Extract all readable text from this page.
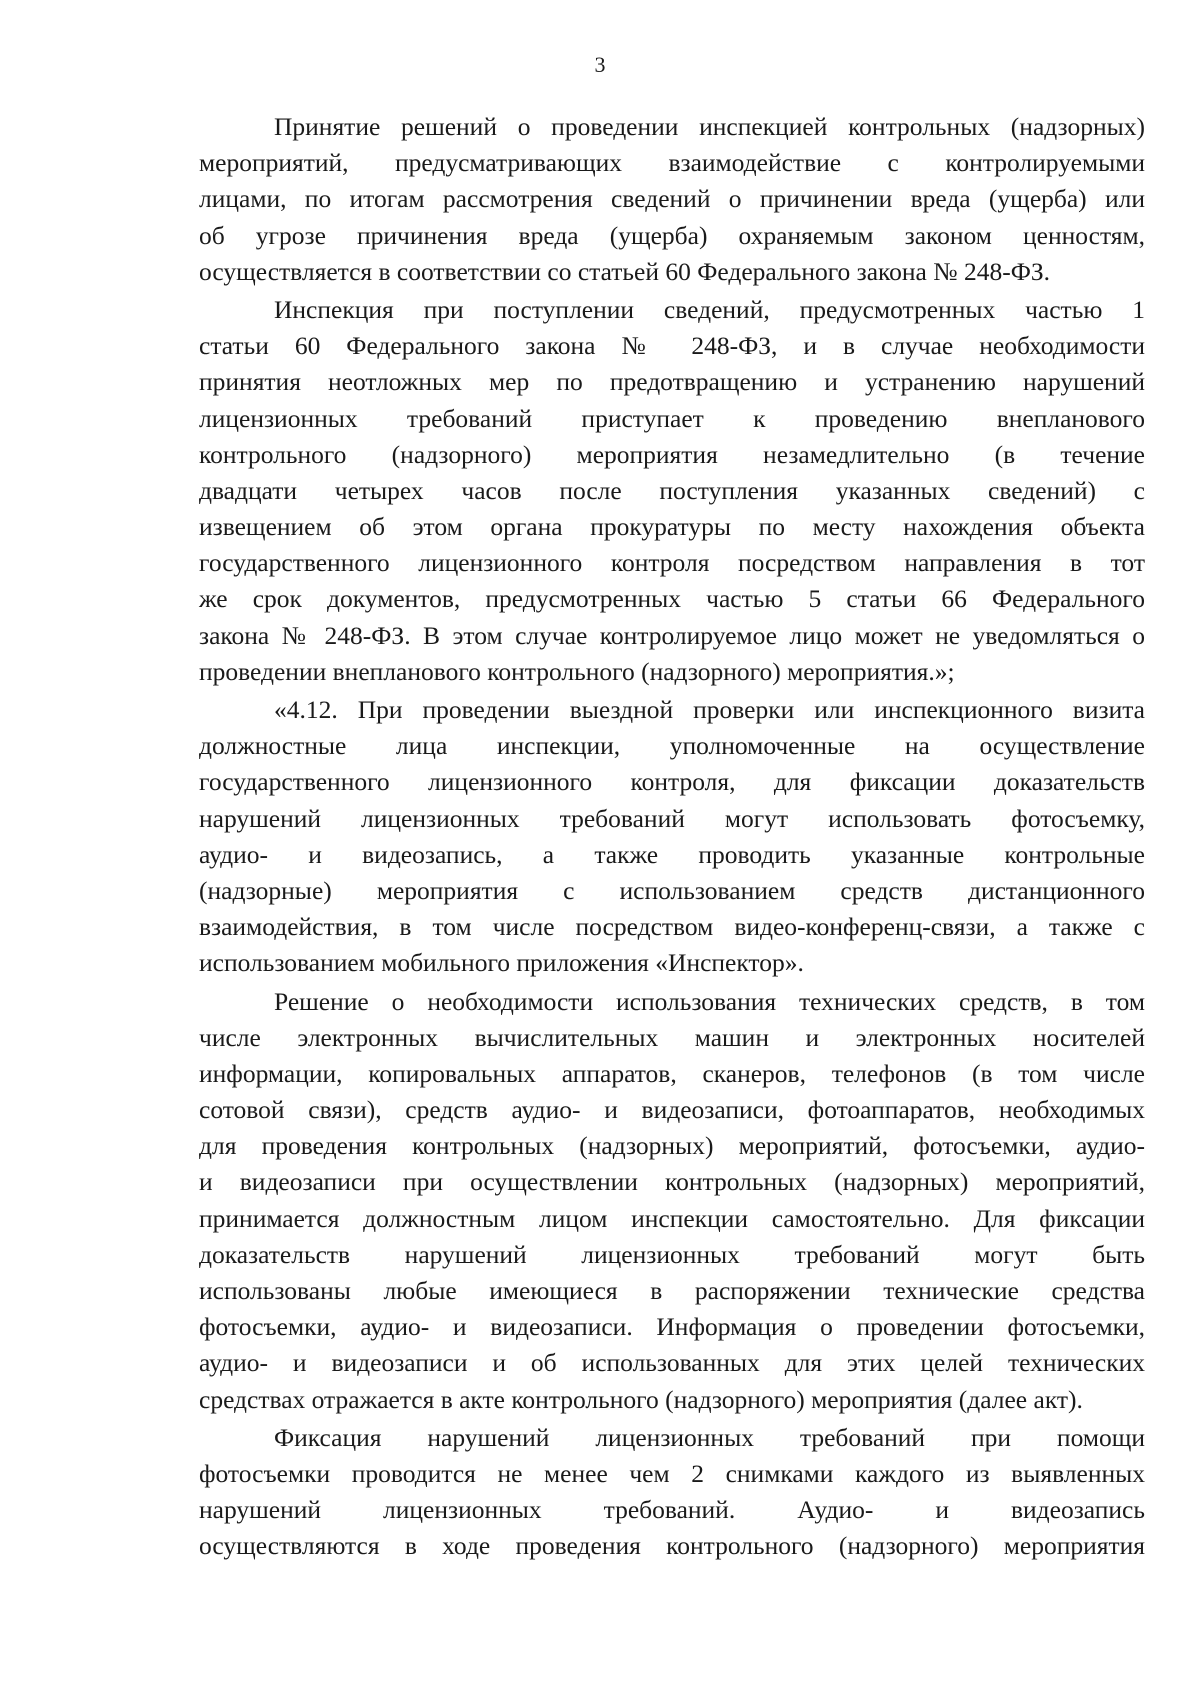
3
Принятие решений о проведении инспекцией контрольных (надзорных)
мероприятий, предусматривающих взаимодействие с контролируемыми
лицами, по итогам рассмотрения сведений о причинении вреда (ущерба) или
об угрозе причинения вреда (ущерба) охраняемым законом ценностям,
осуществляется в соответствии со статьей 60 Федерального закона № 248-ФЗ.
Инспекция при поступлении сведений, предусмотренных частью 1
статьи 60 Федерального закона № 248-ФЗ, и в случае необходимости
принятия неотложных мер по предотвращению и устранению нарушений
лицензионных требований приступает к проведению внепланового
контрольного (надзорного) мероприятия незамедлительно (в течение
двадцати четырех часов после поступления указанных сведений) с
извещением об этом органа прокуратуры по месту нахождения объекта
государственного лицензионного контроля посредством направления в тот
же срок документов, предусмотренных частью 5 статьи 66 Федерального
закона № 248-ФЗ. В этом случае контролируемое лицо может не уведомляться о
проведении внепланового контрольного (надзорного) мероприятия.»;
«4.12. При проведении выездной проверки или инспекционного визита
должностные лица инспекции, уполномоченные на осуществление
государственного лицензионного контроля, для фиксации доказательств
нарушений лицензионных требований могут использовать фотосъемку,
аудио- и видеозапись, а также проводить указанные контрольные
(надзорные) мероприятия с использованием средств дистанционного
взаимодействия, в том числе посредством видео-конференц-связи, а также с
использованием мобильного приложения «Инспектор».
Решение о необходимости использования технических средств, в том
числе электронных вычислительных машин и электронных носителей
информации, копировальных аппаратов, сканеров, телефонов (в том числе
сотовой связи), средств аудио- и видеозаписи, фотоаппаратов, необходимых
для проведения контрольных (надзорных) мероприятий, фотосъемки, аудио-
и видеозаписи при осуществлении контрольных (надзорных) мероприятий,
принимается должностным лицом инспекции самостоятельно. Для фиксации
доказательств нарушений лицензионных требований могут быть
использованы любые имеющиеся в распоряжении технические средства
фотосъемки, аудио- и видеозаписи. Информация о проведении фотосъемки,
аудио- и видеозаписи и об использованных для этих целей технических
средствах отражается в акте контрольного (надзорного) мероприятия (далее акт).
Фиксация нарушений лицензионных требований при помощи
фотосъемки проводится не менее чем 2 снимками каждого из выявленных
нарушений лицензионных требований. Аудио- и видеозапись
осуществляются в ходе проведения контрольного (надзорного) мероприятия
